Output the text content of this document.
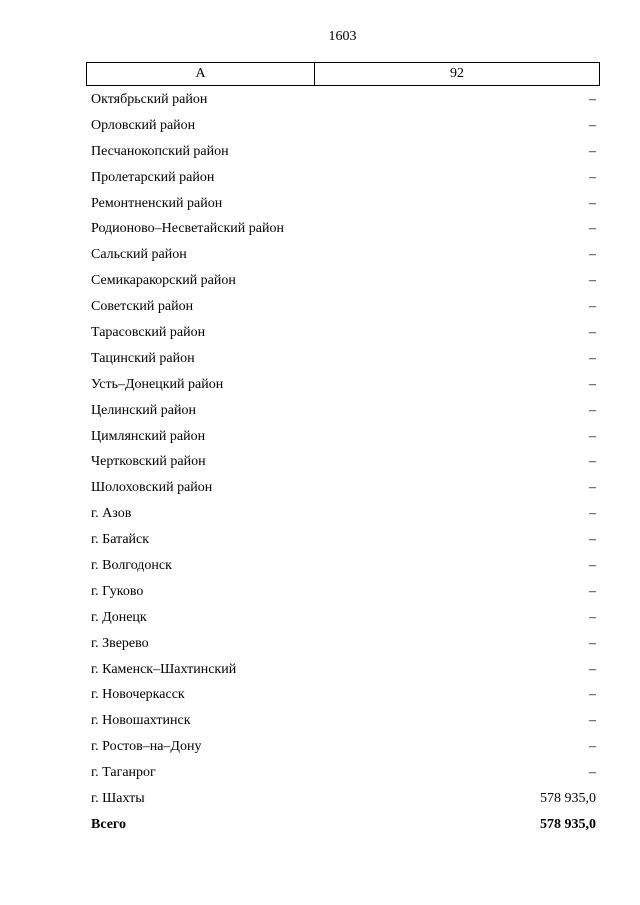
1603
А	92
Октябрьский район	–
Орловский район	–
Песчанокопский район	–
Пролетарский район	–
Ремонтненский район	–
Родионово–Несветайский район	–
Сальский район	–
Семикаракорский район	–
Советский район	–
Тарасовский район	–
Тацинский район	–
Усть–Донецкий район	–
Целинский район	–
Цимлянский район	–
Чертковский район	–
Шолоховский район	–
г. Азов	–
г. Батайск	–
г. Волгодонск	–
г. Гуково	–
г. Донецк	–
г. Зверево	–
г. Каменск–Шахтинский	–
г. Новочеркасск	–
г. Новошахтинск	–
г. Ростов–на–Дону	–
г. Таганрог	–
г. Шахты	578 935,0
Всего	578 935,0
